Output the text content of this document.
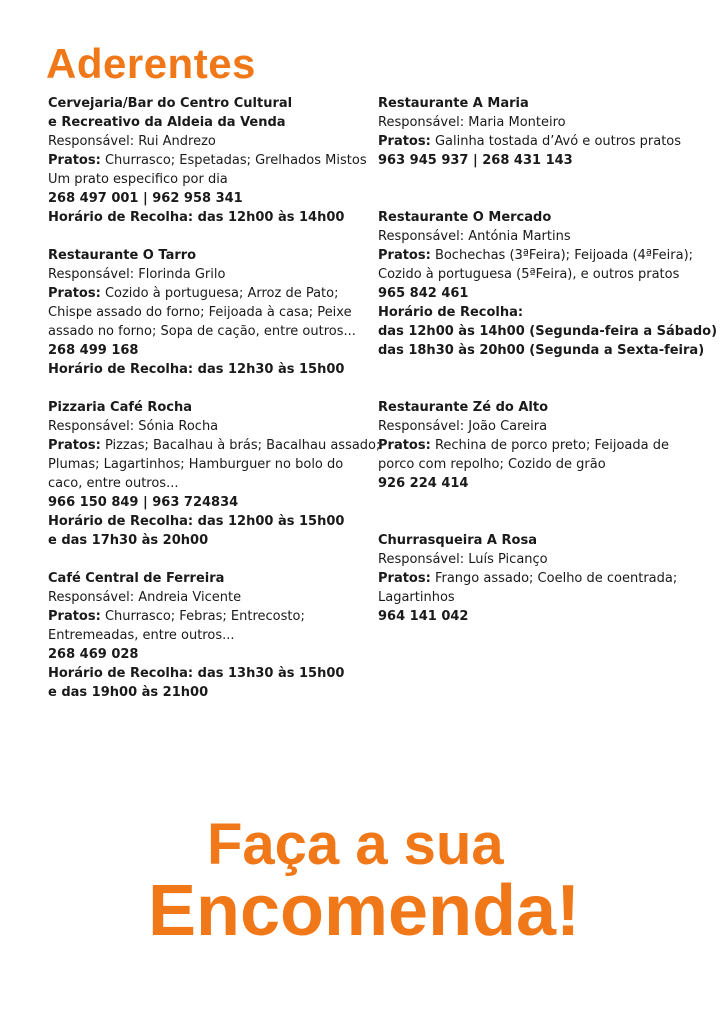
Aderentes
Cervejaria/Bar do Centro Cultural
e Recreativo da Aldeia da Venda
Responsável: Rui Andrezo
Pratos: Churrasco; Espetadas; Grelhados Mistos
Um prato especifico por dia
268 497 001 | 962 958 341
Horário de Recolha: das 12h00 às 14h00
Restaurante O Tarro
Responsável: Florinda Grilo
Pratos: Cozido à portuguesa; Arroz de Pato;
Chispe assado do forno; Feijoada à casa; Peixe
assado no forno; Sopa de cação, entre outros...
268 499 168
Horário de Recolha: das 12h30 às 15h00
Pizzaria Café Rocha
Responsável: Sónia Rocha
Pratos: Pizzas; Bacalhau à brás; Bacalhau assado;
Plumas; Lagartinhos; Hamburguer no bolo do
caco, entre outros...
966 150 849 | 963 724834
Horário de Recolha: das 12h00 às 15h00
e das 17h30 às 20h00
Café Central de Ferreira
Responsável: Andreia Vicente
Pratos: Churrasco; Febras; Entrecosto;
Entremeadas, entre outros...
268 469 028
Horário de Recolha: das 13h30 às 15h00
e das 19h00 às 21h00
Restaurante A Maria
Responsável: Maria Monteiro
Pratos: Galinha tostada d’Avó e outros pratos
963 945 937 | 268 431 143
Restaurante O Mercado
Responsável: Antónia Martins
Pratos: Bochechas (3ªFeira); Feijoada (4ªFeira);
Cozido à portuguesa (5ªFeira), e outros pratos
965 842 461
Horário de Recolha:
das 12h00 às 14h00 (Segunda-feira a Sábado)
das 18h30 às 20h00 (Segunda a Sexta-feira)
Restaurante Zé do Alto
Responsável: João Careira
Pratos: Rechina de porco preto; Feijoada de
porco com repolho; Cozido de grão
926 224 414
Churrasqueira A Rosa
Responsável: Luís Picanço
Pratos: Frango assado; Coelho de coentrada;
Lagartinhos
964 141 042
Faça a sua
Encomenda!
